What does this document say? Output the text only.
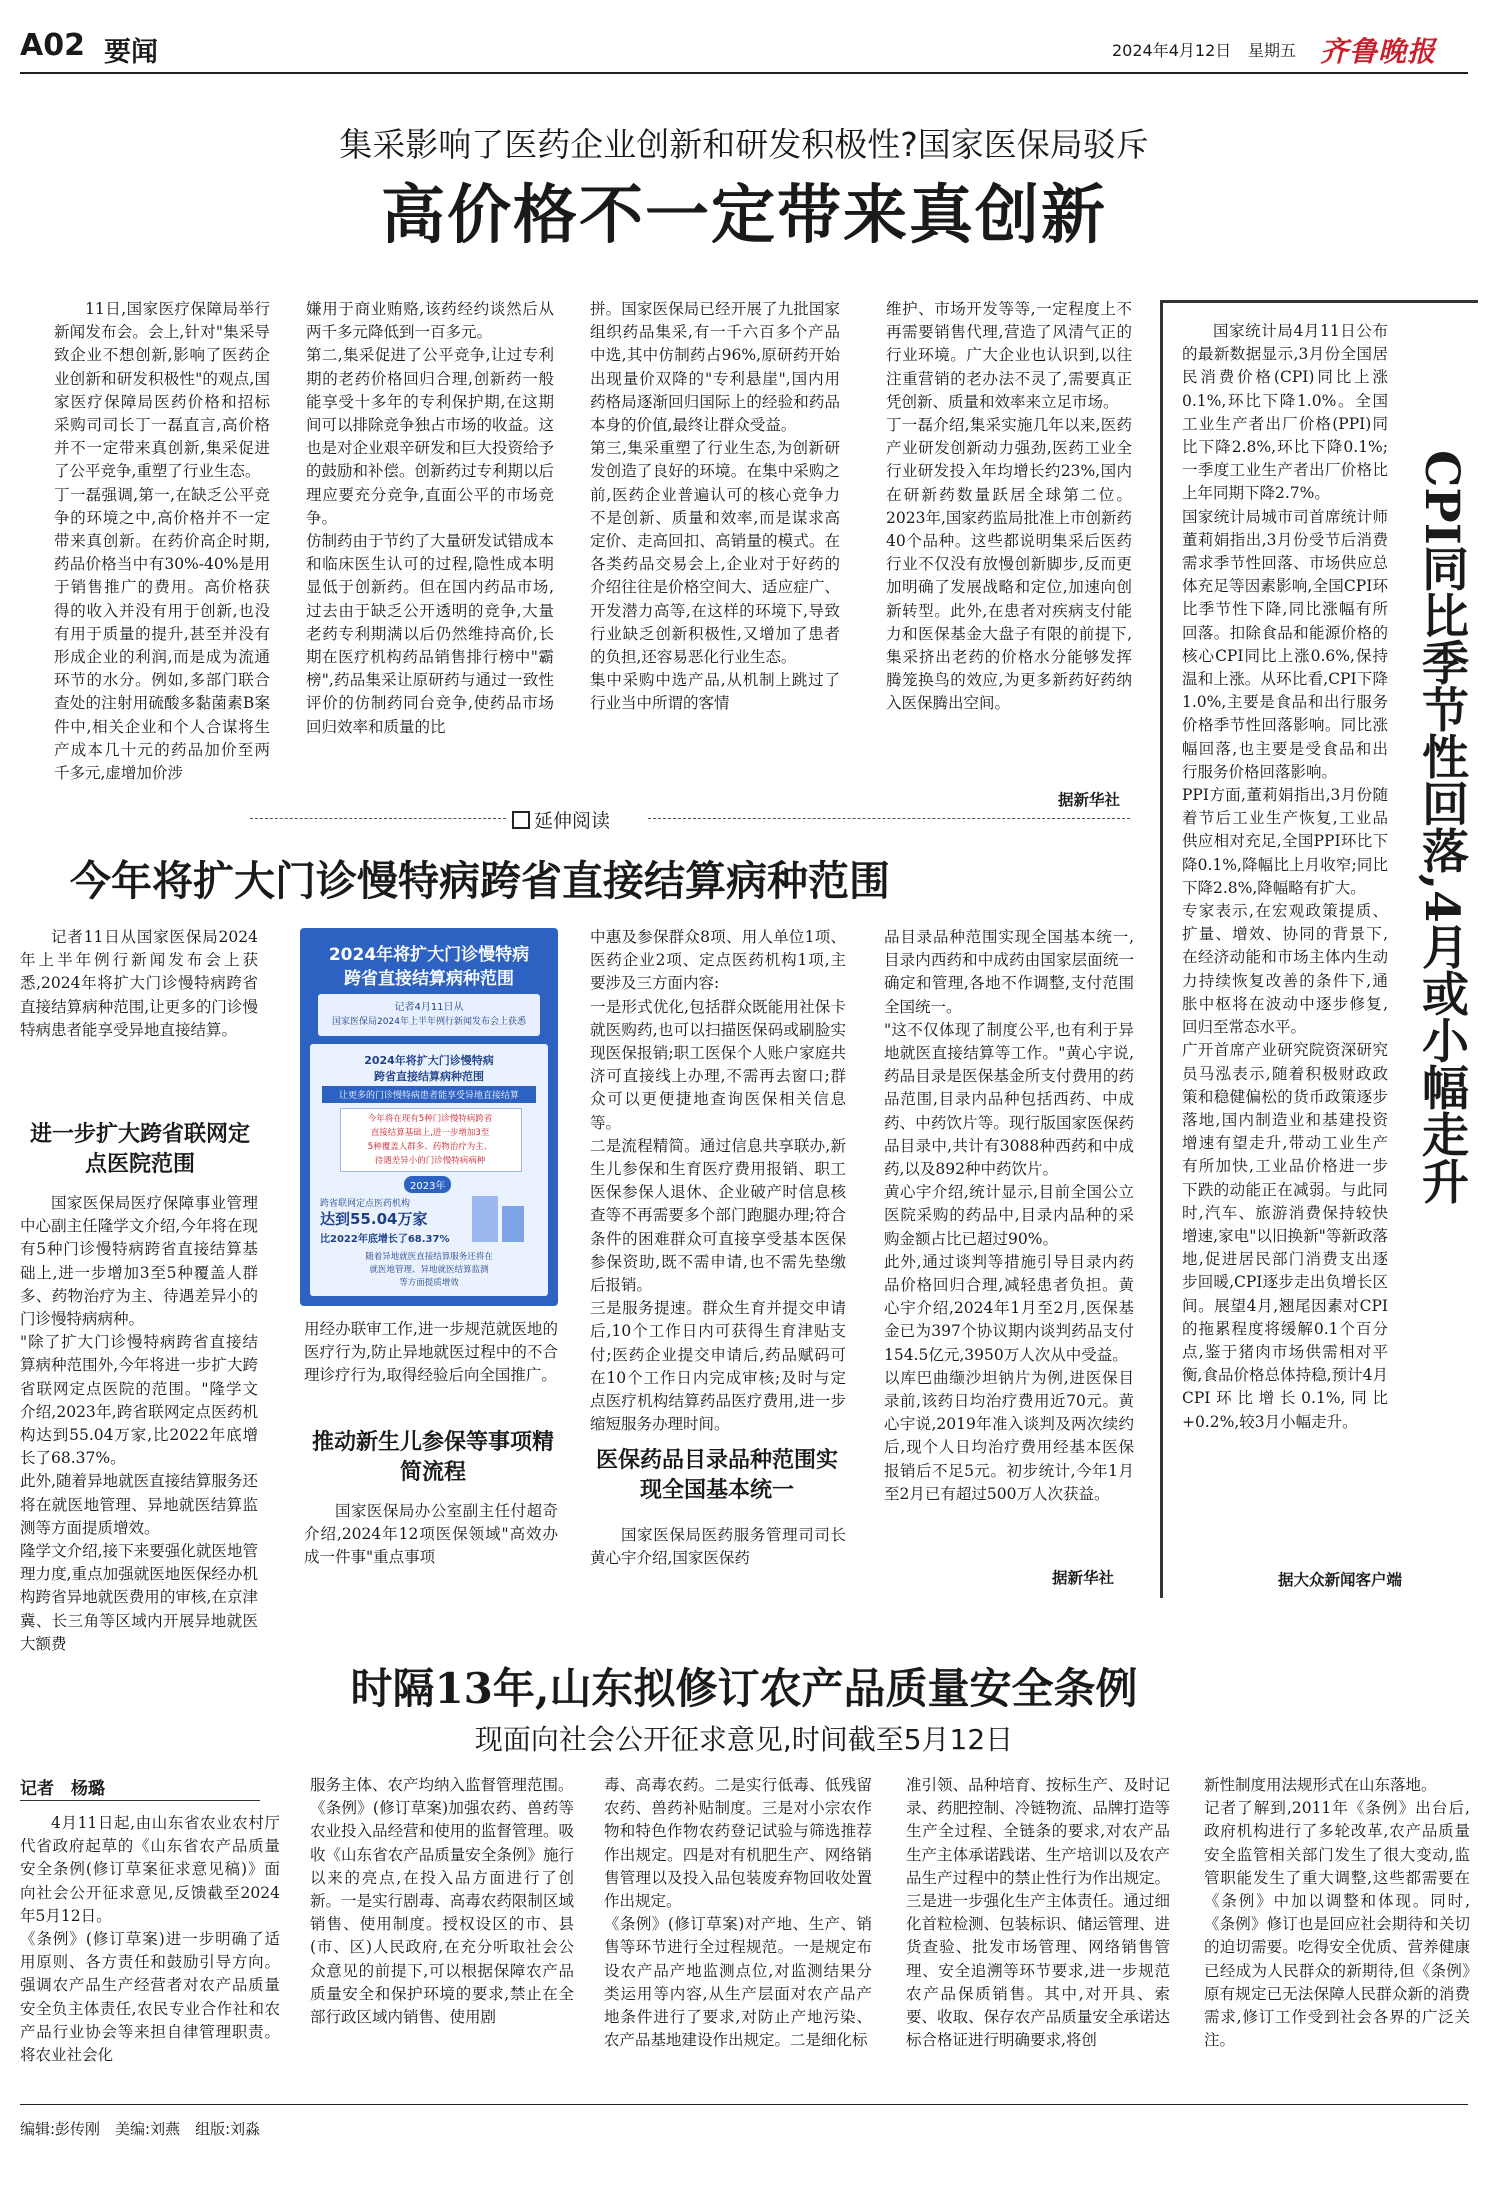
A02 要闻	2024年4月12日 星期五 齐鲁晚报
集采影响了医药企业创新和研发积极性?国家医保局驳斥
高价格不一定带来真创新

11日,国家医疗保障局举行新闻发布会。会上,针对"集采导致企业不想创新,影响了医药企业创新和研发积极性"的观点,国家医疗保障局医药价格和招标采购司司长丁一磊直言,高价格并不一定带来真创新,集采促进了公平竞争,重塑了行业生态。
丁一磊强调,第一,在缺乏公平竞争的环境之中,高价格并不一定带来真创新。在药价高企时期,药品价格当中有30%-40%是用于销售推广的费用。高价格获得的收入并没有用于创新,也没有用于质量的提升,甚至并没有形成企业的利润,而是成为流通环节的水分。例如,多部门联合查处的注射用硫酸多黏菌素B案件中,相关企业和个人合谋将生产成本几十元的药品加价至两千多元,虚增加价涉

嫌用于商业贿赂,该药经约谈然后从两千多元降低到一百多元。
第二,集采促进了公平竞争,让过专利期的老药价格回归合理,创新药一般能享受十多年的专利保护期,在这期间可以排除竞争独占市场的收益。这也是对企业艰辛研发和巨大投资给予的鼓励和补偿。创新药过专利期以后理应要充分竞争,直面公平的市场竞争。
仿制药由于节约了大量研发试错成本和临床医生认可的过程,隐性成本明显低于创新药。但在国内药品市场,过去由于缺乏公开透明的竞争,大量老药专利期满以后仍然维持高价,长期在医疗机构药品销售排行榜中"霸榜",药品集采让原研药与通过一致性评价的仿制药同台竞争,使药品市场回归效率和质量的比

拼。国家医保局已经开展了九批国家组织药品集采,有一千六百多个产品中选,其中仿制药占96%,原研药开始出现量价双降的"专利悬崖",国内用药格局逐渐回归国际上的经验和药品本身的价值,最终让群众受益。
第三,集采重塑了行业生态,为创新研发创造了良好的环境。在集中采购之前,医药企业普遍认可的核心竞争力不是创新、质量和效率,而是谋求高定价、走高回扣、高销量的模式。在各类药品交易会上,企业对于好药的介绍往往是价格空间大、适应症广、开发潜力高等,在这样的环境下,导致行业缺乏创新积极性,又增加了患者的负担,还容易恶化行业生态。
集中采购中选产品,从机制上跳过了行业当中所谓的客情

维护、市场开发等等,一定程度上不再需要销售代理,营造了风清气正的行业环境。广大企业也认识到,以往注重营销的老办法不灵了,需要真正凭创新、质量和效率来立足市场。
丁一磊介绍,集采实施几年以来,医药产业研发创新动力强劲,医药工业全行业研发投入年均增长约23%,国内在研新药数量跃居全球第二位。2023年,国家药监局批准上市创新药40个品种。这些都说明集采后医药行业不仅没有放慢创新脚步,反而更加明确了发展战略和定位,加速向创新转型。此外,在患者对疾病支付能力和医保基金大盘子有限的前提下,集采挤出老药的价格水分能够发挥腾笼换鸟的效应,为更多新药好药纳入医保腾出空间。

据新华社

国家统计局4月11日公布的最新数据显示,3月份全国居民消费价格(CPI)同比上涨0.1%,环比下降1.0%。全国工业生产者出厂价格(PPI)同比下降2.8%,环比下降0.1%;一季度工业生产者出厂价格比上年同期下降2.7%。
国家统计局城市司首席统计师董莉娟指出,3月份受节后消费需求季节性回落、市场供应总体充足等因素影响,全国CPI环比季节性下降,同比涨幅有所回落。扣除食品和能源价格的核心CPI同比上涨0.6%,保持温和上涨。从环比看,CPI下降1.0%,主要是食品和出行服务价格季节性回落影响。同比涨幅回落,也主要是受食品和出行服务价格回落影响。
PPI方面,董莉娟指出,3月份随着节后工业生产恢复,工业品供应相对充足,全国PPI环比下降0.1%,降幅比上月收窄;同比下降2.8%,降幅略有扩大。
专家表示,在宏观政策提质、扩量、增效、协同的背景下,在经济动能和市场主体内生动力持续恢复改善的条件下,通胀中枢将在波动中逐步修复,回归至常态水平。
广开首席产业研究院资深研究员马泓表示,随着积极财政政策和稳健偏松的货币政策逐步落地,国内制造业和基建投资增速有望走升,带动工业生产有所加快,工业品价格进一步下跌的动能正在减弱。与此同时,汽车、旅游消费保持较快增速,家电"以旧换新"等新政落地,促进居民部门消费支出逐步回暖,CPI逐步走出负增长区间。展望4月,翘尾因素对CPI的拖累程度将缓解0.1个百分点,鉴于猪肉市场供需相对平衡,食品价格总体持稳,预计4月CPI环比增长0.1%,同比+0.2%,较3月小幅走升。

CPI同比季节性回落,4月或小幅走升
据大众新闻客户端
延伸阅读
今年将扩大门诊慢特病跨省直接结算病种范围

记者11日从国家医保局2024年上半年例行新闻发布会上获悉,2024年将扩大门诊慢特病跨省直接结算病种范围,让更多的门诊慢特病患者能享受异地直接结算。

进一步扩大跨省联网定点医院范围

国家医保局医疗保障事业管理中心副主任隆学文介绍,今年将在现有5种门诊慢特病跨省直接结算基础上,进一步增加3至5种覆盖人群多、药物治疗为主、待遇差异小的门诊慢特病病种。
"除了扩大门诊慢特病跨省直接结算病种范围外,今年将进一步扩大跨省联网定点医院的范围。"隆学文介绍,2023年,跨省联网定点医药机构达到55.04万家,比2022年底增长了68.37%。
此外,随着异地就医直接结算服务还将在就医地管理、异地就医结算监测等方面提质增效。
隆学文介绍,接下来要强化就医地管理力度,重点加强就医地医保经办机构跨省异地就医费用的审核,在京津冀、长三角等区域内开展异地就医大额费

2024年将扩大门诊慢特病
跨省直接结算病种范围
记者4月11日从
国家医保局2024年上半年例行新闻发布会上获悉
2024年将扩大门诊慢特病
跨省直接结算病种范围
让更多的门诊慢特病患者能享受异地直接结算
今年将在现有5种门诊慢特病跨省
直接结算基础上,进一步增加3至
5种覆盖人群多、药物治疗为主、
待遇差异小的门诊慢特病病种
2023年
跨省联网定点医药机构
达到55.04万家
比2022年底增长了68.37%
随着异地就医直接结算服务还将在
就医地管理、异地就医结算监测
等方面提质增效

用经办联审工作,进一步规范就医地的医疗行为,防止异地就医过程中的不合理诊疗行为,取得经验后向全国推广。

推动新生儿参保等事项精简流程

国家医保局办公室副主任付超奇介绍,2024年12项医保领域"高效办成一件事"重点事项

中惠及参保群众8项、用人单位1项、医药企业2项、定点医药机构1项,主要涉及三方面内容:
一是形式优化,包括群众既能用社保卡就医购药,也可以扫描医保码或刷脸实现医保报销;职工医保个人账户家庭共济可直接线上办理,不需再去窗口;群众可以更便捷地查询医保相关信息等。
二是流程精简。通过信息共享联办,新生儿参保和生育医疗费用报销、职工医保参保人退休、企业破产时信息核查等不再需要多个部门跑腿办理;符合条件的困难群众可直接享受基本医保参保资助,既不需申请,也不需先垫缴后报销。
三是服务提速。群众生育并提交申请后,10个工作日内可获得生育津贴支付;医药企业提交申请后,药品赋码可在10个工作日内完成审核;及时与定点医疗机构结算药品医疗费用,进一步缩短服务办理时间。

医保药品目录品种范围实现全国基本统一

国家医保局医药服务管理司司长黄心宇介绍,国家医保药

品目录品种范围实现全国基本统一,目录内西药和中成药由国家层面统一确定和管理,各地不作调整,支付范围全国统一。
"这不仅体现了制度公平,也有利于异地就医直接结算等工作。"黄心宇说,药品目录是医保基金所支付费用的药品范围,目录内品种包括西药、中成药、中药饮片等。现行版国家医保药品目录中,共计有3088种西药和中成药,以及892种中药饮片。
黄心宇介绍,统计显示,目前全国公立医院采购的药品中,目录内品种的采购金额占比已超过90%。
此外,通过谈判等措施引导目录内药品价格回归合理,减轻患者负担。黄心宇介绍,2024年1月至2月,医保基金已为397个协议期内谈判药品支付154.5亿元,3950万人次从中受益。
以库巴曲缬沙坦钠片为例,进医保目录前,该药日均治疗费用近70元。黄心宇说,2019年准入谈判及两次续约后,现个人日均治疗费用经基本医保报销后不足5元。初步统计,今年1月至2月已有超过500万人次获益。

据新华社
时隔13年,山东拟修订农产品质量安全条例
现面向社会公开征求意见,时间截至5月12日
记者　杨璐

4月11日起,由山东省农业农村厅代省政府起草的《山东省农产品质量安全条例(修订草案征求意见稿)》面向社会公开征求意见,反馈截至2024年5月12日。
《条例》(修订草案)进一步明确了适用原则、各方责任和鼓励引导方向。强调农产品生产经营者对农产品质量安全负主体责任,农民专业合作社和农产品行业协会等来担自律管理职责。将农业社会化

服务主体、农产均纳入监督管理范围。
《条例》(修订草案)加强农药、兽药等农业投入品经营和使用的监督管理。吸收《山东省农产品质量安全条例》施行以来的亮点,在投入品方面进行了创新。一是实行剧毒、高毒农药限制区域销售、使用制度。授权设区的市、县(市、区)人民政府,在充分听取社会公众意见的前提下,可以根据保障农产品质量安全和保护环境的要求,禁止在全部行政区域内销售、使用剧

毒、高毒农药。二是实行低毒、低残留农药、兽药补贴制度。三是对小宗农作物和特色作物农药登记试验与筛选推荐作出规定。四是对有机肥生产、网络销售管理以及投入品包装废弃物回收处置作出规定。
《条例》(修订草案)对产地、生产、销售等环节进行全过程规范。一是规定布设农产品产地监测点位,对监测结果分类运用等内容,从生产层面对农产品产地条件进行了要求,对防止产地污染、农产品基地建设作出规定。二是细化标

准引领、品种培育、按标生产、及时记录、药肥控制、冷链物流、品牌打造等生产全过程、全链条的要求,对农产品生产主体承诺践诺、生产培训以及农产品生产过程中的禁止性行为作出规定。三是进一步强化生产主体责任。通过细化首粒检测、包装标识、储运管理、进货查验、批发市场管理、网络销售管理、安全追溯等环节要求,进一步规范农产品保质销售。其中,对开具、索要、收取、保存农产品质量安全承诺达标合格证进行明确要求,将创

新性制度用法规形式在山东落地。
记者了解到,2011年《条例》出台后,政府机构进行了多轮改革,农产品质量安全监管相关部门发生了很大变动,监管职能发生了重大调整,这些都需要在《条例》中加以调整和体现。同时,《条例》修订也是回应社会期待和关切的迫切需要。吃得安全优质、营养健康已经成为人民群众的新期待,但《条例》原有规定已无法保障人民群众新的消费需求,修订工作受到社会各界的广泛关注。

编辑:彭传刚　美编:刘燕　组版:刘淼
